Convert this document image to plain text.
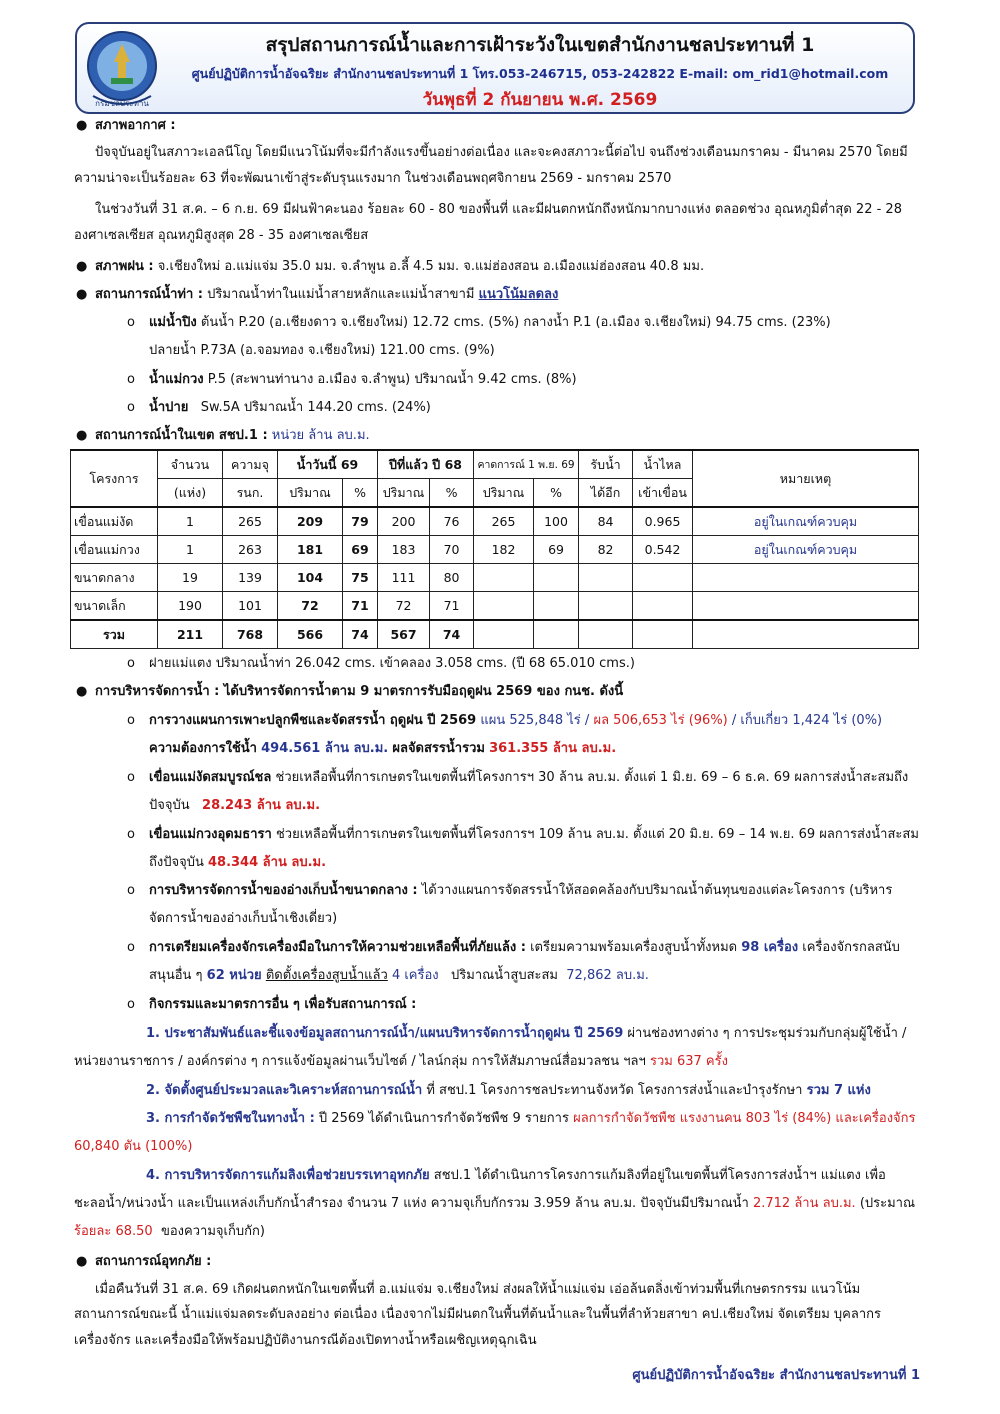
กรมชลประทาน
สรุปสถานการณ์น้ำและการเฝ้าระวังในเขตสำนักงานชลประทานที่ 1
ศูนย์ปฏิบัติการน้ำอัจฉริยะ สำนักงานชลประทานที่ 1 โทร.053-246715, 053-242822 E-mail: om_rid1@hotmail.com
วันพุธที่ 2 กันยายน พ.ศ. 2569
● สภาพอากาศ :
ปัจจุบันอยู่ในสภาวะเอลนีโญ โดยมีแนวโน้มที่จะมีกำลังแรงขึ้นอย่างต่อเนื่อง และจะคงสภาวะนี้ต่อไป จนถึงช่วงเดือนมกราคม - มีนาคม 2570 โดยมี
ความน่าจะเป็นร้อยละ 63 ที่จะพัฒนาเข้าสู่ระดับรุนแรงมาก ในช่วงเดือนพฤศจิกายน 2569 - มกราคม 2570
ในช่วงวันที่ 31 ส.ค. – 6 ก.ย. 69 มีฝนฟ้าคะนอง ร้อยละ 60 - 80 ของพื้นที่ และมีฝนตกหนักถึงหนักมากบางแห่ง ตลอดช่วง อุณหภูมิต่ำสุด 22 - 28
องศาเซลเซียส อุณหภูมิสูงสุด 28 - 35 องศาเซลเซียส
● สภาพฝน : จ.เชียงใหม่ อ.แม่แจ่ม 35.0 มม. จ.ลำพูน อ.ลี้ 4.5 มม. จ.แม่ฮ่องสอน อ.เมืองแม่ฮ่องสอน 40.8 มม.
● สถานการณ์น้ำท่า : ปริมาณน้ำท่าในแม่น้ำสายหลักและแม่น้ำสาขามี แนวโน้มลดลง
o แม่น้ำปิง ต้นน้ำ P.20 (อ.เชียงดาว จ.เชียงใหม่) 12.72 cms. (5%) กลางน้ำ P.1 (อ.เมือง จ.เชียงใหม่) 94.75 cms. (23%)
ปลายน้ำ P.73A (อ.จอมทอง จ.เชียงใหม่) 121.00 cms. (9%)
o น้ำแม่กวง P.5 (สะพานท่านาง อ.เมือง จ.ลำพูน) ปริมาณน้ำ 9.42 cms. (8%)
o น้ำปาย Sw.5A ปริมาณน้ำ 144.20 cms. (24%)
● สถานการณ์น้ำในเขต สชป.1 : หน่วย ล้าน ลบ.ม.
โครงการ	จำนวน	ความจุ	น้ำวันนี้ 69		ปีที่แล้ว ปี 68		คาดการณ์ 1 พ.ย. 69		รับน้ำ	น้ำไหล	หมายเหตุ
	(แห่ง)	รนก.	ปริมาณ	%	ปริมาณ	%	ปริมาณ	%	ได้อีก	เข้าเขื่อน	
เขื่อนแม่งัด	1	265	209	79	200	76	265	100	84	0.965	อยู่ในเกณฑ์ควบคุม
เขื่อนแม่กวง	1	263	181	69	183	70	182	69	82	0.542	อยู่ในเกณฑ์ควบคุม
ขนาดกลาง	19	139	104	75	111	80					
ขนาดเล็ก	190	101	72	71	72	71					
รวม	211	768	566	74	567	74					
o ฝายแม่แตง ปริมาณน้ำท่า 26.042 cms. เข้าคลอง 3.058 cms. (ปี 68 65.010 cms.)
● การบริหารจัดการน้ำ : ได้บริหารจัดการน้ำตาม 9 มาตรการรับมือฤดูฝน 2569 ของ กนช. ดังนี้
o การวางแผนการเพาะปลูกพืชและจัดสรรน้ำ ฤดูฝน ปี 2569 แผน 525,848 ไร่ / ผล 506,653 ไร่ (96%) / เก็บเกี่ยว 1,424 ไร่ (0%)
ความต้องการใช้น้ำ 494.561 ล้าน ลบ.ม. ผลจัดสรรน้ำรวม 361.355 ล้าน ลบ.ม.
o เขื่อนแม่งัดสมบูรณ์ชล ช่วยเหลือพื้นที่การเกษตรในเขตพื้นที่โครงการฯ 30 ล้าน ลบ.ม. ตั้งแต่ 1 มิ.ย. 69 – 6 ธ.ค. 69 ผลการส่งน้ำสะสมถึง
ปัจจุบัน 28.243 ล้าน ลบ.ม.
o เขื่อนแม่กวงอุดมธารา ช่วยเหลือพื้นที่การเกษตรในเขตพื้นที่โครงการฯ 109 ล้าน ลบ.ม. ตั้งแต่ 20 มิ.ย. 69 – 14 พ.ย. 69 ผลการส่งน้ำสะสม
ถึงปัจจุบัน 48.344 ล้าน ลบ.ม.
o การบริหารจัดการน้ำของอ่างเก็บน้ำขนาดกลาง : ได้วางแผนการจัดสรรน้ำให้สอดคล้องกับปริมาณน้ำต้นทุนของแต่ละโครงการ (บริหาร
จัดการน้ำของอ่างเก็บน้ำเชิงเดี่ยว)
o การเตรียมเครื่องจักรเครื่องมือในการให้ความช่วยเหลือพื้นที่ภัยแล้ง : เตรียมความพร้อมเครื่องสูบน้ำทั้งหมด 98 เครื่อง เครื่องจักรกลสนับ
สนุนอื่น ๆ 62 หน่วย ติดตั้งเครื่องสูบน้ำแล้ว 4 เครื่อง ปริมาณน้ำสูบสะสม 72,862 ลบ.ม.
o กิจกรรมและมาตรการอื่น ๆ เพื่อรับสถานการณ์ :
1. ประชาสัมพันธ์และชี้แจงข้อมูลสถานการณ์น้ำ/แผนบริหารจัดการน้ำฤดูฝน ปี 2569 ผ่านช่องทางต่าง ๆ การประชุมร่วมกับกลุ่มผู้ใช้น้ำ /
หน่วยงานราชการ / องค์กรต่าง ๆ การแจ้งข้อมูลผ่านเว็บไซต์ / ไลน์กลุ่ม การให้สัมภาษณ์สื่อมวลชน ฯลฯ รวม 637 ครั้ง
2. จัดตั้งศูนย์ประมวลและวิเคราะห์สถานการณ์น้ำ ที่ สชป.1 โครงการชลประทานจังหวัด โครงการส่งน้ำและบำรุงรักษา รวม 7 แห่ง
3. การกำจัดวัชพืชในทางน้ำ : ปี 2569 ได้ดำเนินการกำจัดวัชพืช 9 รายการ ผลการกำจัดวัชพืช แรงงานคน 803 ไร่ (84%) และเครื่องจักร
60,840 ตัน (100%)
4. การบริหารจัดการแก้มลิงเพื่อช่วยบรรเทาอุทกภัย สชป.1 ได้ดำเนินการโครงการแก้มลิงที่อยู่ในเขตพื้นที่โครงการส่งน้ำฯ แม่แตง เพื่อ
ชะลอน้ำ/หน่วงน้ำ และเป็นแหล่งเก็บกักน้ำสำรอง จำนวน 7 แห่ง ความจุเก็บกักรวม 3.959 ล้าน ลบ.ม. ปัจจุบันมีปริมาณน้ำ 2.712 ล้าน ลบ.ม. (ประมาณ
ร้อยละ 68.50 ของความจุเก็บกัก)
● สถานการณ์อุทกภัย :
เมื่อคืนวันที่ 31 ส.ค. 69 เกิดฝนตกหนักในเขตพื้นที่ อ.แม่แจ่ม จ.เชียงใหม่ ส่งผลให้น้ำแม่แจ่ม เอ่อล้นตลิ่งเข้าท่วมพื้นที่เกษตรกรรม แนวโน้ม
สถานการณ์ขณะนี้ น้ำแม่แจ่มลดระดับลงอย่าง ต่อเนื่อง เนื่องจากไม่มีฝนตกในพื้นที่ต้นน้ำและในพื้นที่ลำห้วยสาขา คป.เชียงใหม่ จัดเตรียม บุคลากร
เครื่องจักร และเครื่องมือให้พร้อมปฏิบัติงานกรณีต้องเปิดทางน้ำหรือเผชิญเหตุฉุกเฉิน
ศูนย์ปฏิบัติการน้ำอัจฉริยะ สำนักงานชลประทานที่ 1
